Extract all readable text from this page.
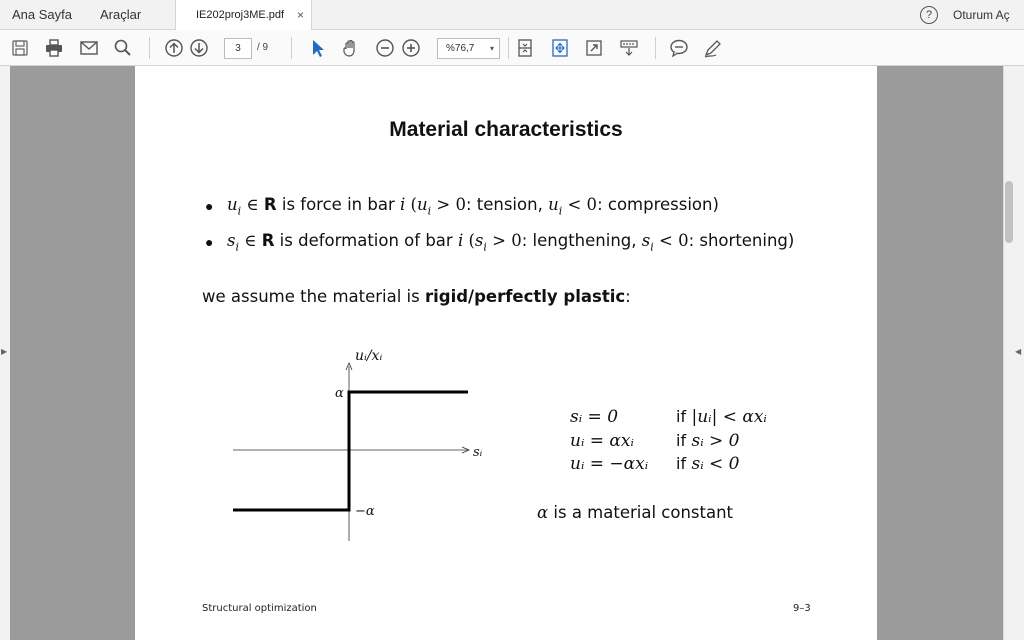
Ana Sayfa Araçlar	IE202proj3ME.pdf ×	?	Oturum Aç
3	/ 9	%76,7 ▾
▶	◀
Material characteristics
● $u_i$ ∈ R is force in bar i ($u_i > 0$: tension, $u_i < 0$: compression)
● $s_i$ ∈ R is deformation of bar i ($s_i > 0$: lengthening, $s_i < 0$: shortening)
we assume the material is rigid/perfectly plastic:
uᵢ/xᵢ
sᵢ
α
−α
sᵢ = 0	if |uᵢ| < αxᵢ
uᵢ = αxᵢ	if sᵢ > 0
uᵢ = −αxᵢ if sᵢ < 0
α is a material constant
Structural optimization	9–3
